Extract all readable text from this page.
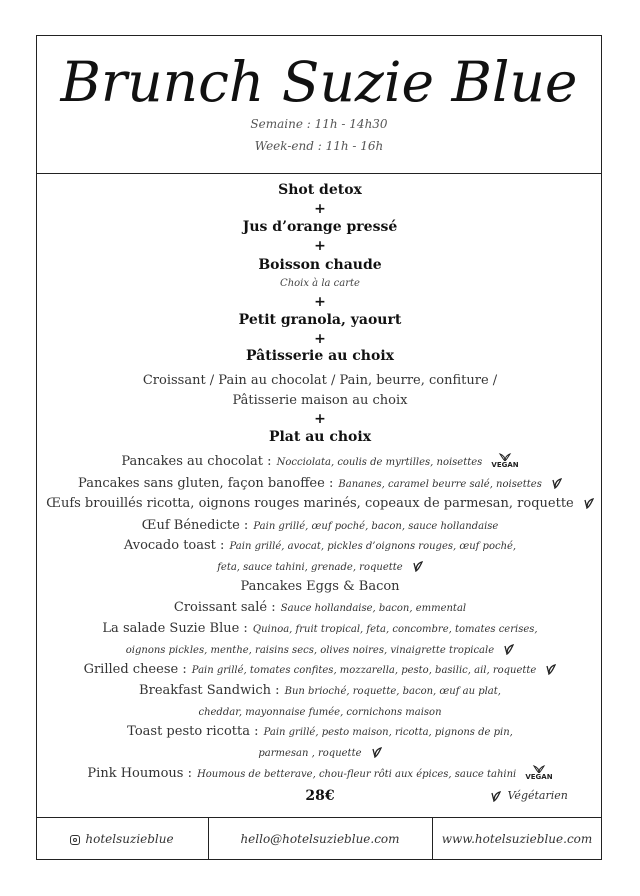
Brunch Suzie Blue
Semaine : 11h - 14h30
Week-end : 11h - 16h
Shot detox
+
Jus d’orange pressé
+
Boisson chaude
Choix à la carte
+
Petit granola, yaourt
+
Pâtisserie au choix
Croissant / Pain au chocolat / Pain, beurre, confiture /
Pâtisserie maison au choix
+
Plat au choix
Pancakes au chocolat : Nocciolata, coulis de myrtilles, noisettes VEGAN
Pancakes sans gluten, façon banoffee : Bananes, caramel beurre salé, noisettes
Œufs brouillés ricotta, oignons rouges marinés, copeaux de parmesan, roquette
Œuf Bénedicte : Pain grillé, œuf poché, bacon, sauce hollandaise
Avocado toast : Pain grillé, avocat, pickles d’oignons rouges, œuf poché,
feta, sauce tahini, grenade, roquette
Pancakes Eggs & Bacon
Croissant salé : Sauce hollandaise, bacon, emmental
La salade Suzie Blue : Quinoa, fruit tropical, feta, concombre, tomates cerises,
oignons pickles, menthe, raisins secs, olives noires, vinaigrette tropicale
Grilled cheese : Pain grillé, tomates confites, mozzarella, pesto, basilic, ail, roquette
Breakfast Sandwich : Bun brioché, roquette, bacon, œuf au plat,
cheddar, mayonnaise fumée, cornichons maison
Toast pesto ricotta : Pain grillé, pesto maison, ricotta, pignons de pin,
parmesan , roquette
Pink Houmous : Houmous de betterave, chou-fleur rôti aux épices, sauce tahini VEGAN
28€	Végétarien
hotelsuzieblue	hello@hotelsuzieblue.com	www.hotelsuzieblue.com
